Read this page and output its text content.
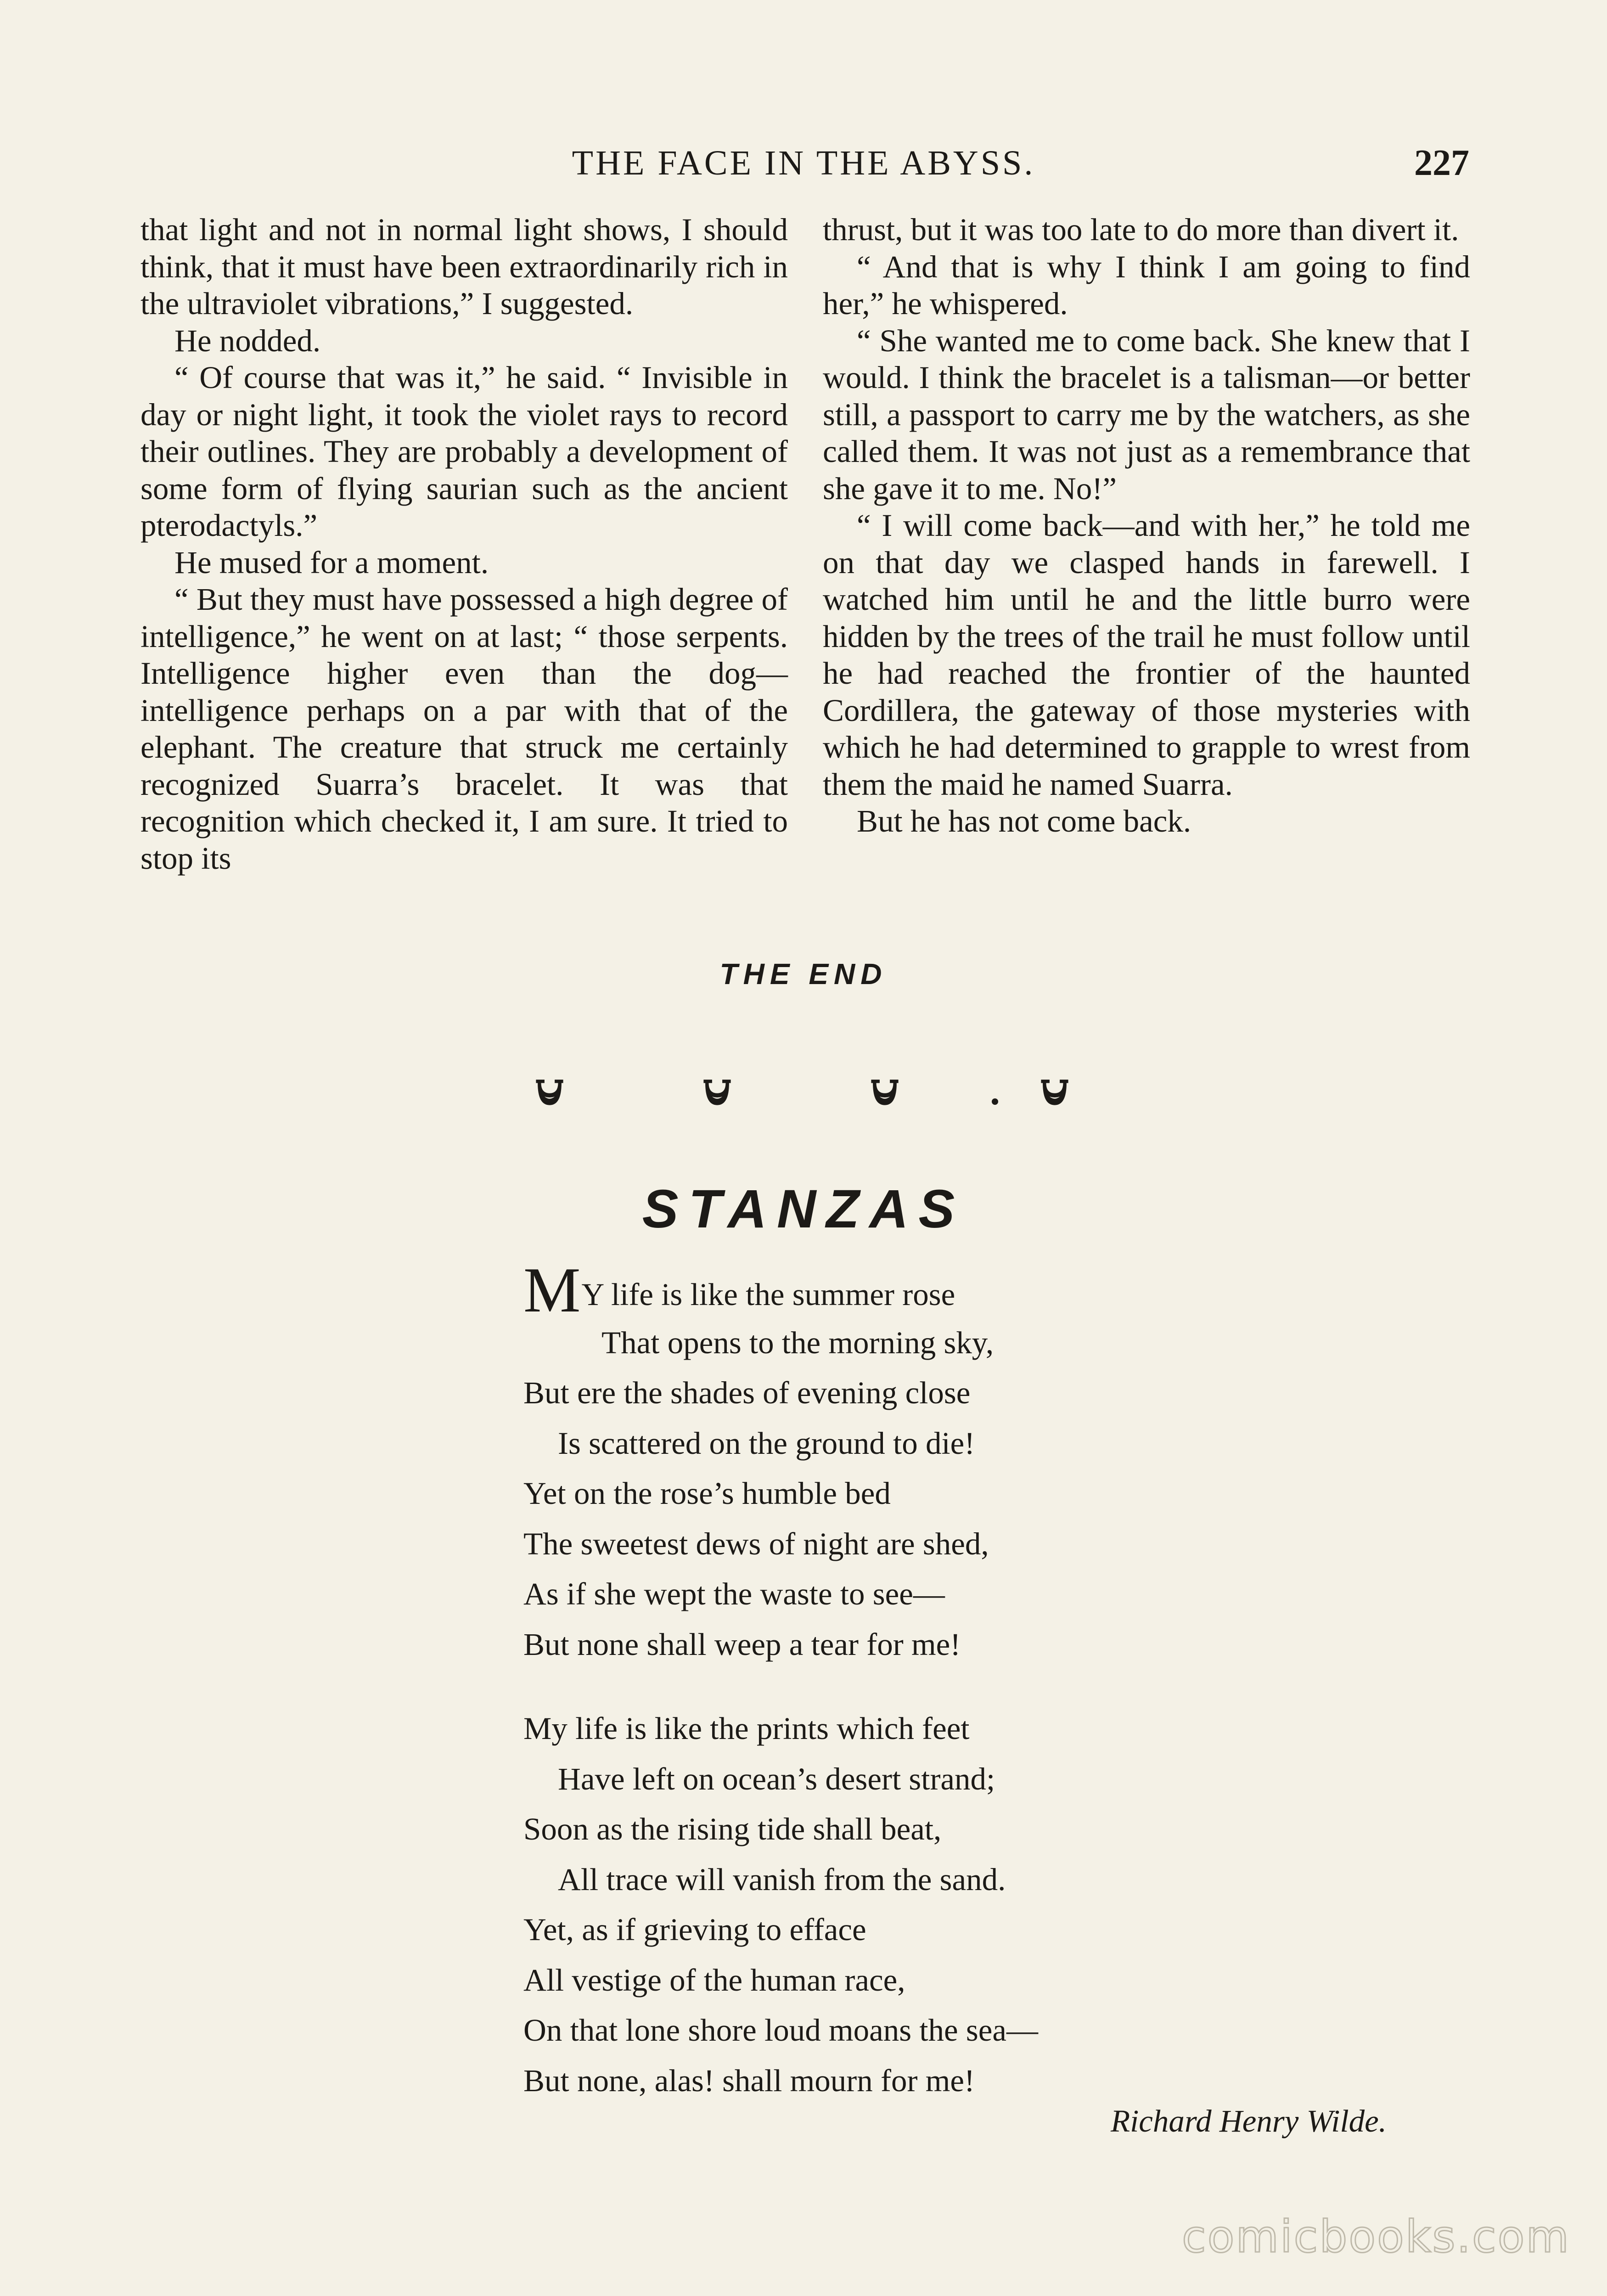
THE FACE IN THE ABYSS.	227

that light and not in normal light shows, I should think, that it must have been extraordinarily rich in the ultraviolet vibrations,” I suggested.

He nodded.

“ Of course that was it,” he said. “ Invisible in day or night light, it took the violet rays to record their outlines. They are probably a development of some form of flying saurian such as the ancient pterodactyls.”

He mused for a moment.

“ But they must have possessed a high degree of intelligence,” he went on at last; “ those serpents. Intelligence higher even than the dog—intelligence perhaps on a par with that of the elephant. The creature that struck me certainly recognized Suarra’s bracelet. It was that recognition which checked it, I am sure. It tried to stop its

thrust, but it was too late to do more than divert it.

“ And that is why I think I am going to find her,” he whispered.

“ She wanted me to come back. She knew that I would. I think the bracelet is a talisman—or better still, a passport to carry me by the watchers, as she called them. It was not just as a remembrance that she gave it to me. No!”

“ I will come back—and with her,” he told me on that day we clasped hands in farewell. I watched him until he and the little burro were hidden by the trees of the trail he must follow until he had reached the frontier of the haunted Cordillera, the gateway of those mysteries with which he had determined to grapple to wrest from them the maid he named Suarra.

But he has not come back.

THE END
STANZAS
MY life is like the summer rose
That opens to the morning sky,
But ere the shades of evening close
Is scattered on the ground to die!
Yet on the rose’s humble bed
The sweetest dews of night are shed,
As if she wept the waste to see—
But none shall weep a tear for me!
My life is like the prints which feet
Have left on ocean’s desert strand;
Soon as the rising tide shall beat,
All trace will vanish from the sand.
Yet, as if grieving to efface
All vestige of the human race,
On that lone shore loud moans the sea—
But none, alas! shall mourn for me!
Richard Henry Wilde.
comicbooks.com
